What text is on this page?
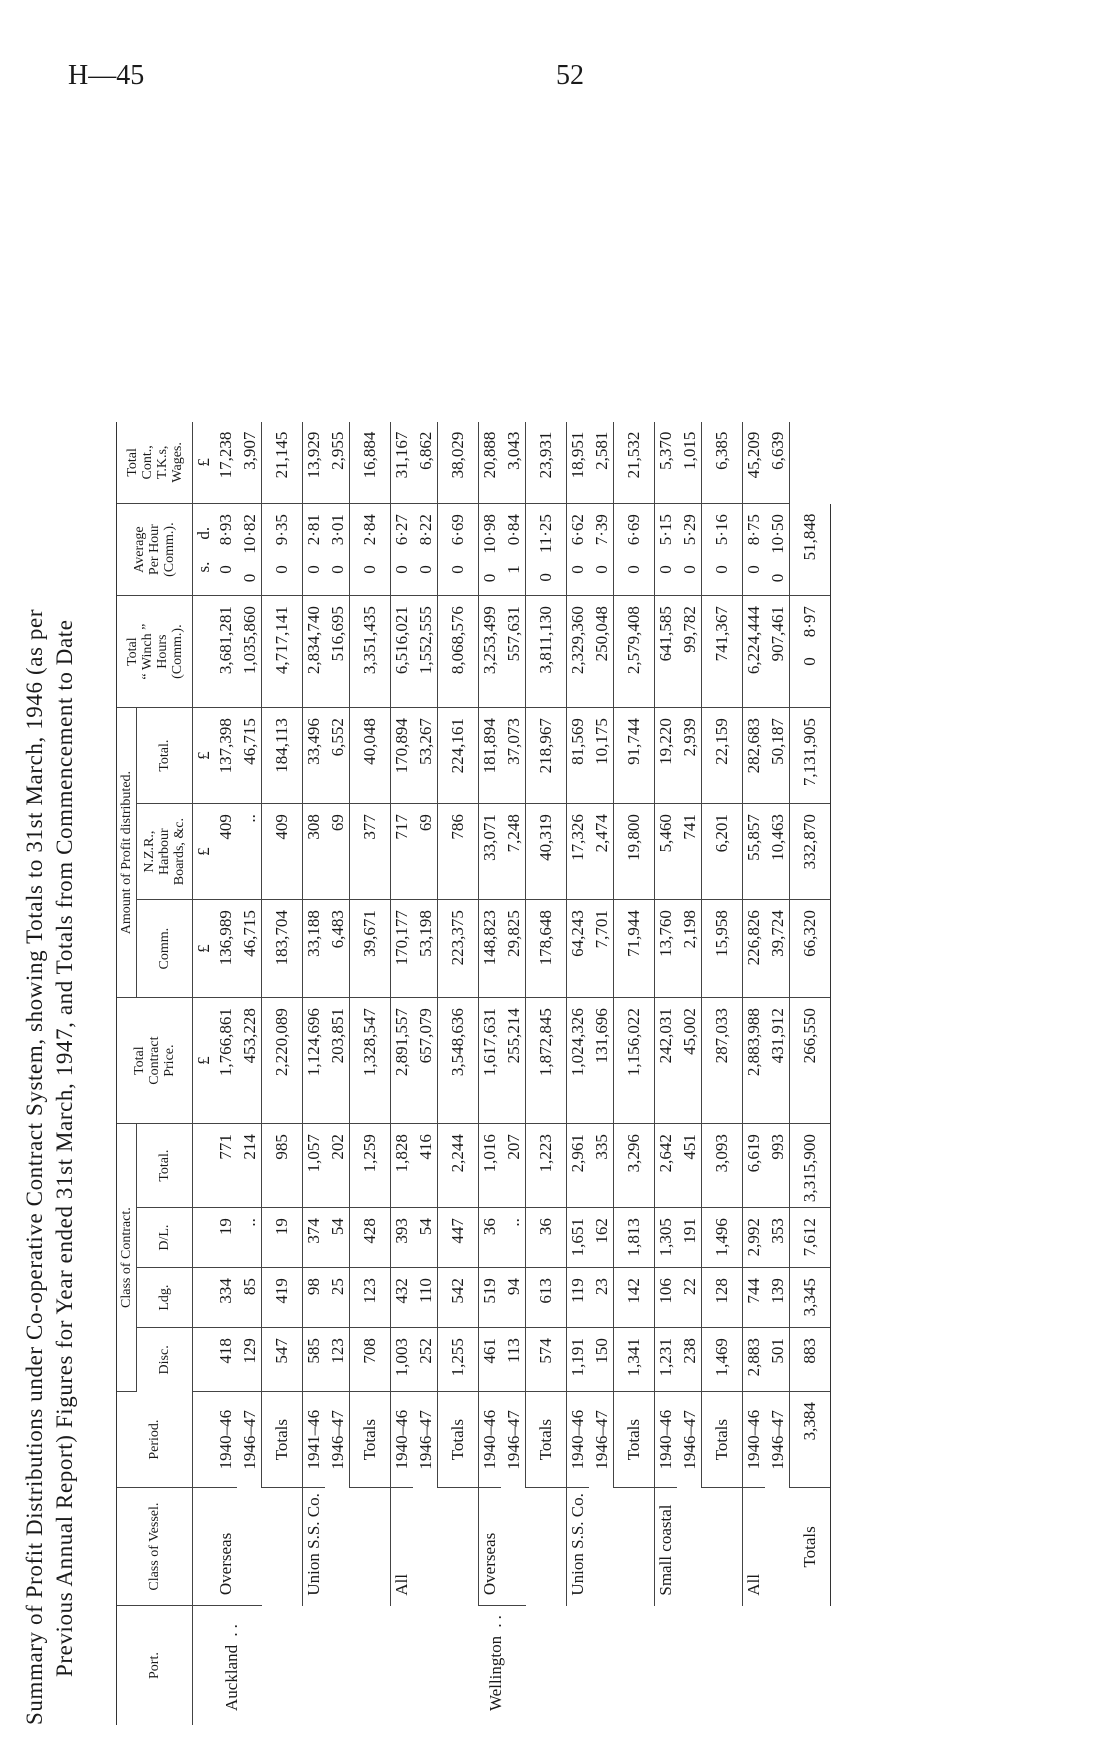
H—45	52
Summary of Profit Distributions under Co-operative Contract System, showing Totals to 31st March, 1946 (as per Previous Annual Report) Figures for Year ended 31st March, 1947, and Totals from Commencement to Date	Port.	Class of Vessel.	Period.	Class of Contract.				Total Contract Price.	Amount of Profit distributed.			Total “ Winch ” Hours (Comm.).	Average Per Hour (Comm.).	Total Cont., T.K.s, Wages.

			Disc.	Ldg.	D/L.	Total.		Comm.	N.Z.R., Harbour Boards, &c.	Total.			
							£	£	£	£		s.d.	£
Auckland ..	Overseas	1940–46	418	334	19	771	1,766,861	136,989	409	137,398	3,681,281	08·93	17,238
		1946–47	129	85	..	214	453,228	46,715	..	46,715	1,035,860	010·82	3,907
		Totals	547	419	19	985	2,220,089	183,704	409	184,113	4,717,141	09·35	21,145
	Union S.S. Co.	1941–46	585	98	374	1,057	1,124,696	33,188	308	33,496	2,834,740	02·81	13,929
		1946–47	123	25	54	202	203,851	6,483	69	6,552	516,695	03·01	2,955
		Totals	708	123	428	1,259	1,328,547	39,671	377	40,048	3,351,435	02·84	16,884
	All	1940–46	1,003	432	393	1,828	2,891,557	170,177	717	170,894	6,516,021	06·27	31,167
		1946–47	252	110	54	416	657,079	53,198	69	53,267	1,552,555	08·22	6,862
		Totals	1,255	542	447	2,244	3,548,636	223,375	786	224,161	8,068,576	06·69	38,029
Wellington ..	Overseas	1940–46	461	519	36	1,016	1,617,631	148,823	33,071	181,894	3,253,499	010·98	20,888
		1946–47	113	94	..	207	255,214	29,825	7,248	37,073	557,631	10·84	3,043
		Totals	574	613	36	1,223	1,872,845	178,648	40,319	218,967	3,811,130	011·25	23,931
	Union S.S. Co.	1940–46	1,191	119	1,651	2,961	1,024,326	64,243	17,326	81,569	2,329,360	06·62	18,951
		1946–47	150	23	162	335	131,696	7,701	2,474	10,175	250,048	07·39	2,581
		Totals	1,341	142	1,813	3,296	1,156,022	71,944	19,800	91,744	2,579,408	06·69	21,532
	Small coastal	1940–46	1,231	106	1,305	2,642	242,031	13,760	5,460	19,220	641,585	05·15	5,370
		1946–47	238	22	191	451	45,002	2,198	741	2,939	99,782	05·29	1,015
		Totals	1,469	128	1,496	3,093	287,033	15,958	6,201	22,159	741,367	05·16	6,385
	All	1940–46	2,883	744	2,992	6,619	2,883,988	226,826	55,857	282,683	6,224,444	08·75	45,209
		1946–47	501	139	353	993	431,912	39,724	10,463	50,187	907,461	010·50	6,639
	Totals	3,384	883	3,345	7,612	3,315,900	266,550	66,320	332,870	7,131,905	08·97	51,848	
